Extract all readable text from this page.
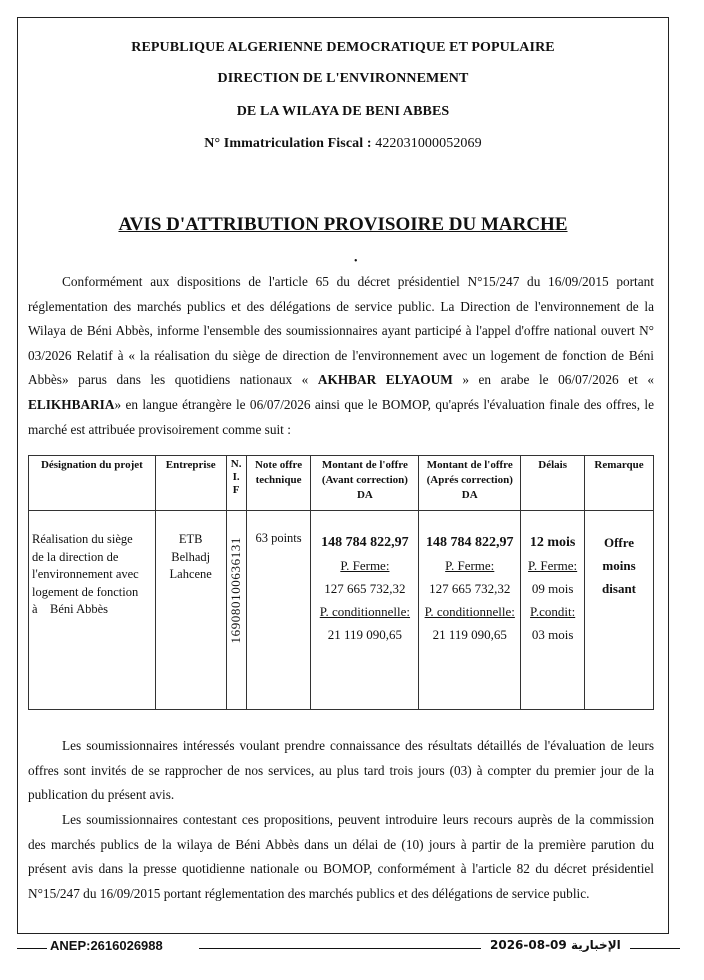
REPUBLIQUE ALGERIENNE DEMOCRATIQUE ET POPULAIRE
DIRECTION DE L'ENVIRONNEMENT
DE LA WILAYA DE BENI ABBES
N° Immatriculation Fiscal : 422031000052069
AVIS D'ATTRIBUTION PROVISOIRE DU MARCHE
•
Conformément aux dispositions de l'article 65 du décret présidentiel N°15/247 du 16/09/2015 portant réglementation des marchés publics et des délégations de service public. La Direction de l'environnement de la Wilaya de Béni Abbès, informe l'ensemble des soumissionnaires ayant participé à l'appel d'offre national ouvert N° 03/2026 Relatif à « la réalisation du siège de direction de l'environnement avec un logement de fonction de Béni Abbès» parus dans les quotidiens nationaux « AKHBAR ELYAOUM » en arabe le 06/07/2026 et « ELIKHBARIA» en langue étrangère le 06/07/2026 ainsi que le BOMOP, qu'aprés l'évaluation finale des offres, le marché est attribuée provisoirement comme suit :
Désignation du projet	Entreprise	N.
I.
F	Note offre technique	Montant de l'offre
(Avant correction)
DA	Montant de l'offre
(Aprés correction)
DA	Délais	Remarque

Réalisation du siège
de la direction de
l'environnement avec
logement de fonction
à    Béni Abbès	ETB
Belhadj
Lahcene	169080100636131	63 points	148 784 822,97
P. Ferme:
127 665 732,32
P. conditionnelle:
21 119 090,65	148 784 822,97
P. Ferme:
127 665 732,32
P. conditionnelle:
21 119 090,65	12 mois
P. Ferme:
09 mois
P.condit:
03 mois	Offre
moins
disant
Les soumissionnaires intéressés voulant prendre connaissance des résultats détaillés de l'évaluation de leurs offres sont invités de se rapprocher de nos services, au plus tard trois jours (03) à compter du premier jour de la publication du présent avis.
Les soumissionnaires contestant ces propositions, peuvent introduire leurs recours auprès de la commission des marchés publics de la wilaya de Béni Abbès dans un délai de (10) jours à partir de la première parution du présent avis dans la presse quotidienne nationale ou BOMOP, conformément à l'article 82 du décret présidentiel N°15/247 du 16/09/2015 portant réglementation des marchés publics et des délégations de service public.
ANEP:2616026988	2026-08-09 الإخبارية
